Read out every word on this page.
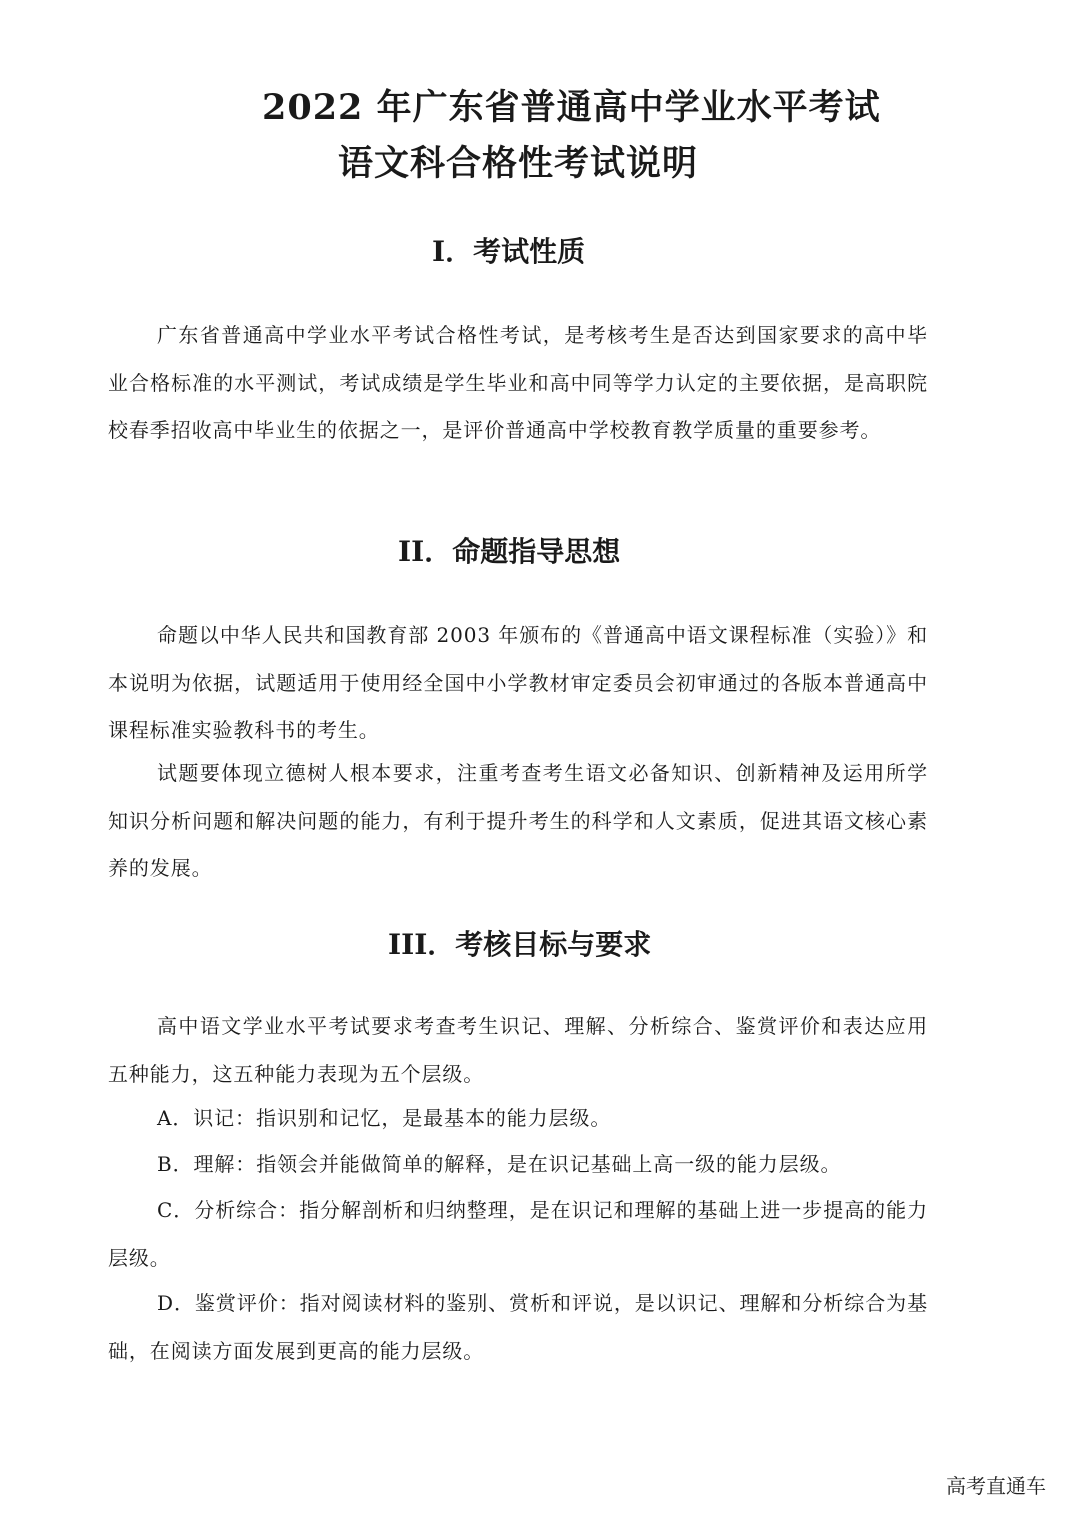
2022 年广东省普通高中学业水平考试
语文科合格性考试说明
I．考试性质
广东省普通高中学业水平考试合格性考试，是考核考生是否达到国家要求的高中毕业合格标准的水平测试，考试成绩是学生毕业和高中同等学力认定的主要依据，是高职院校春季招收高中毕业生的依据之一，是评价普通高中学校教育教学质量的重要参考。
II．命题指导思想
命题以中华人民共和国教育部 2003 年颁布的《普通高中语文课程标准（实验）》和本说明为依据，试题适用于使用经全国中小学教材审定委员会初审通过的各版本普通高中课程标准实验教科书的考生。
试题要体现立德树人根本要求，注重考查考生语文必备知识、创新精神及运用所学知识分析问题和解决问题的能力，有利于提升考生的科学和人文素质，促进其语文核心素养的发展。
III．考核目标与要求
高中语文学业水平考试要求考查考生识记、理解、分析综合、鉴赏评价和表达应用五种能力，这五种能力表现为五个层级。
A．识记：指识别和记忆，是最基本的能力层级。
B．理解：指领会并能做简单的解释，是在识记基础上高一级的能力层级。
C．分析综合：指分解剖析和归纳整理，是在识记和理解的基础上进一步提高的能力层级。
D．鉴赏评价：指对阅读材料的鉴别、赏析和评说，是以识记、理解和分析综合为基础，在阅读方面发展到更高的能力层级。
高考直通车
